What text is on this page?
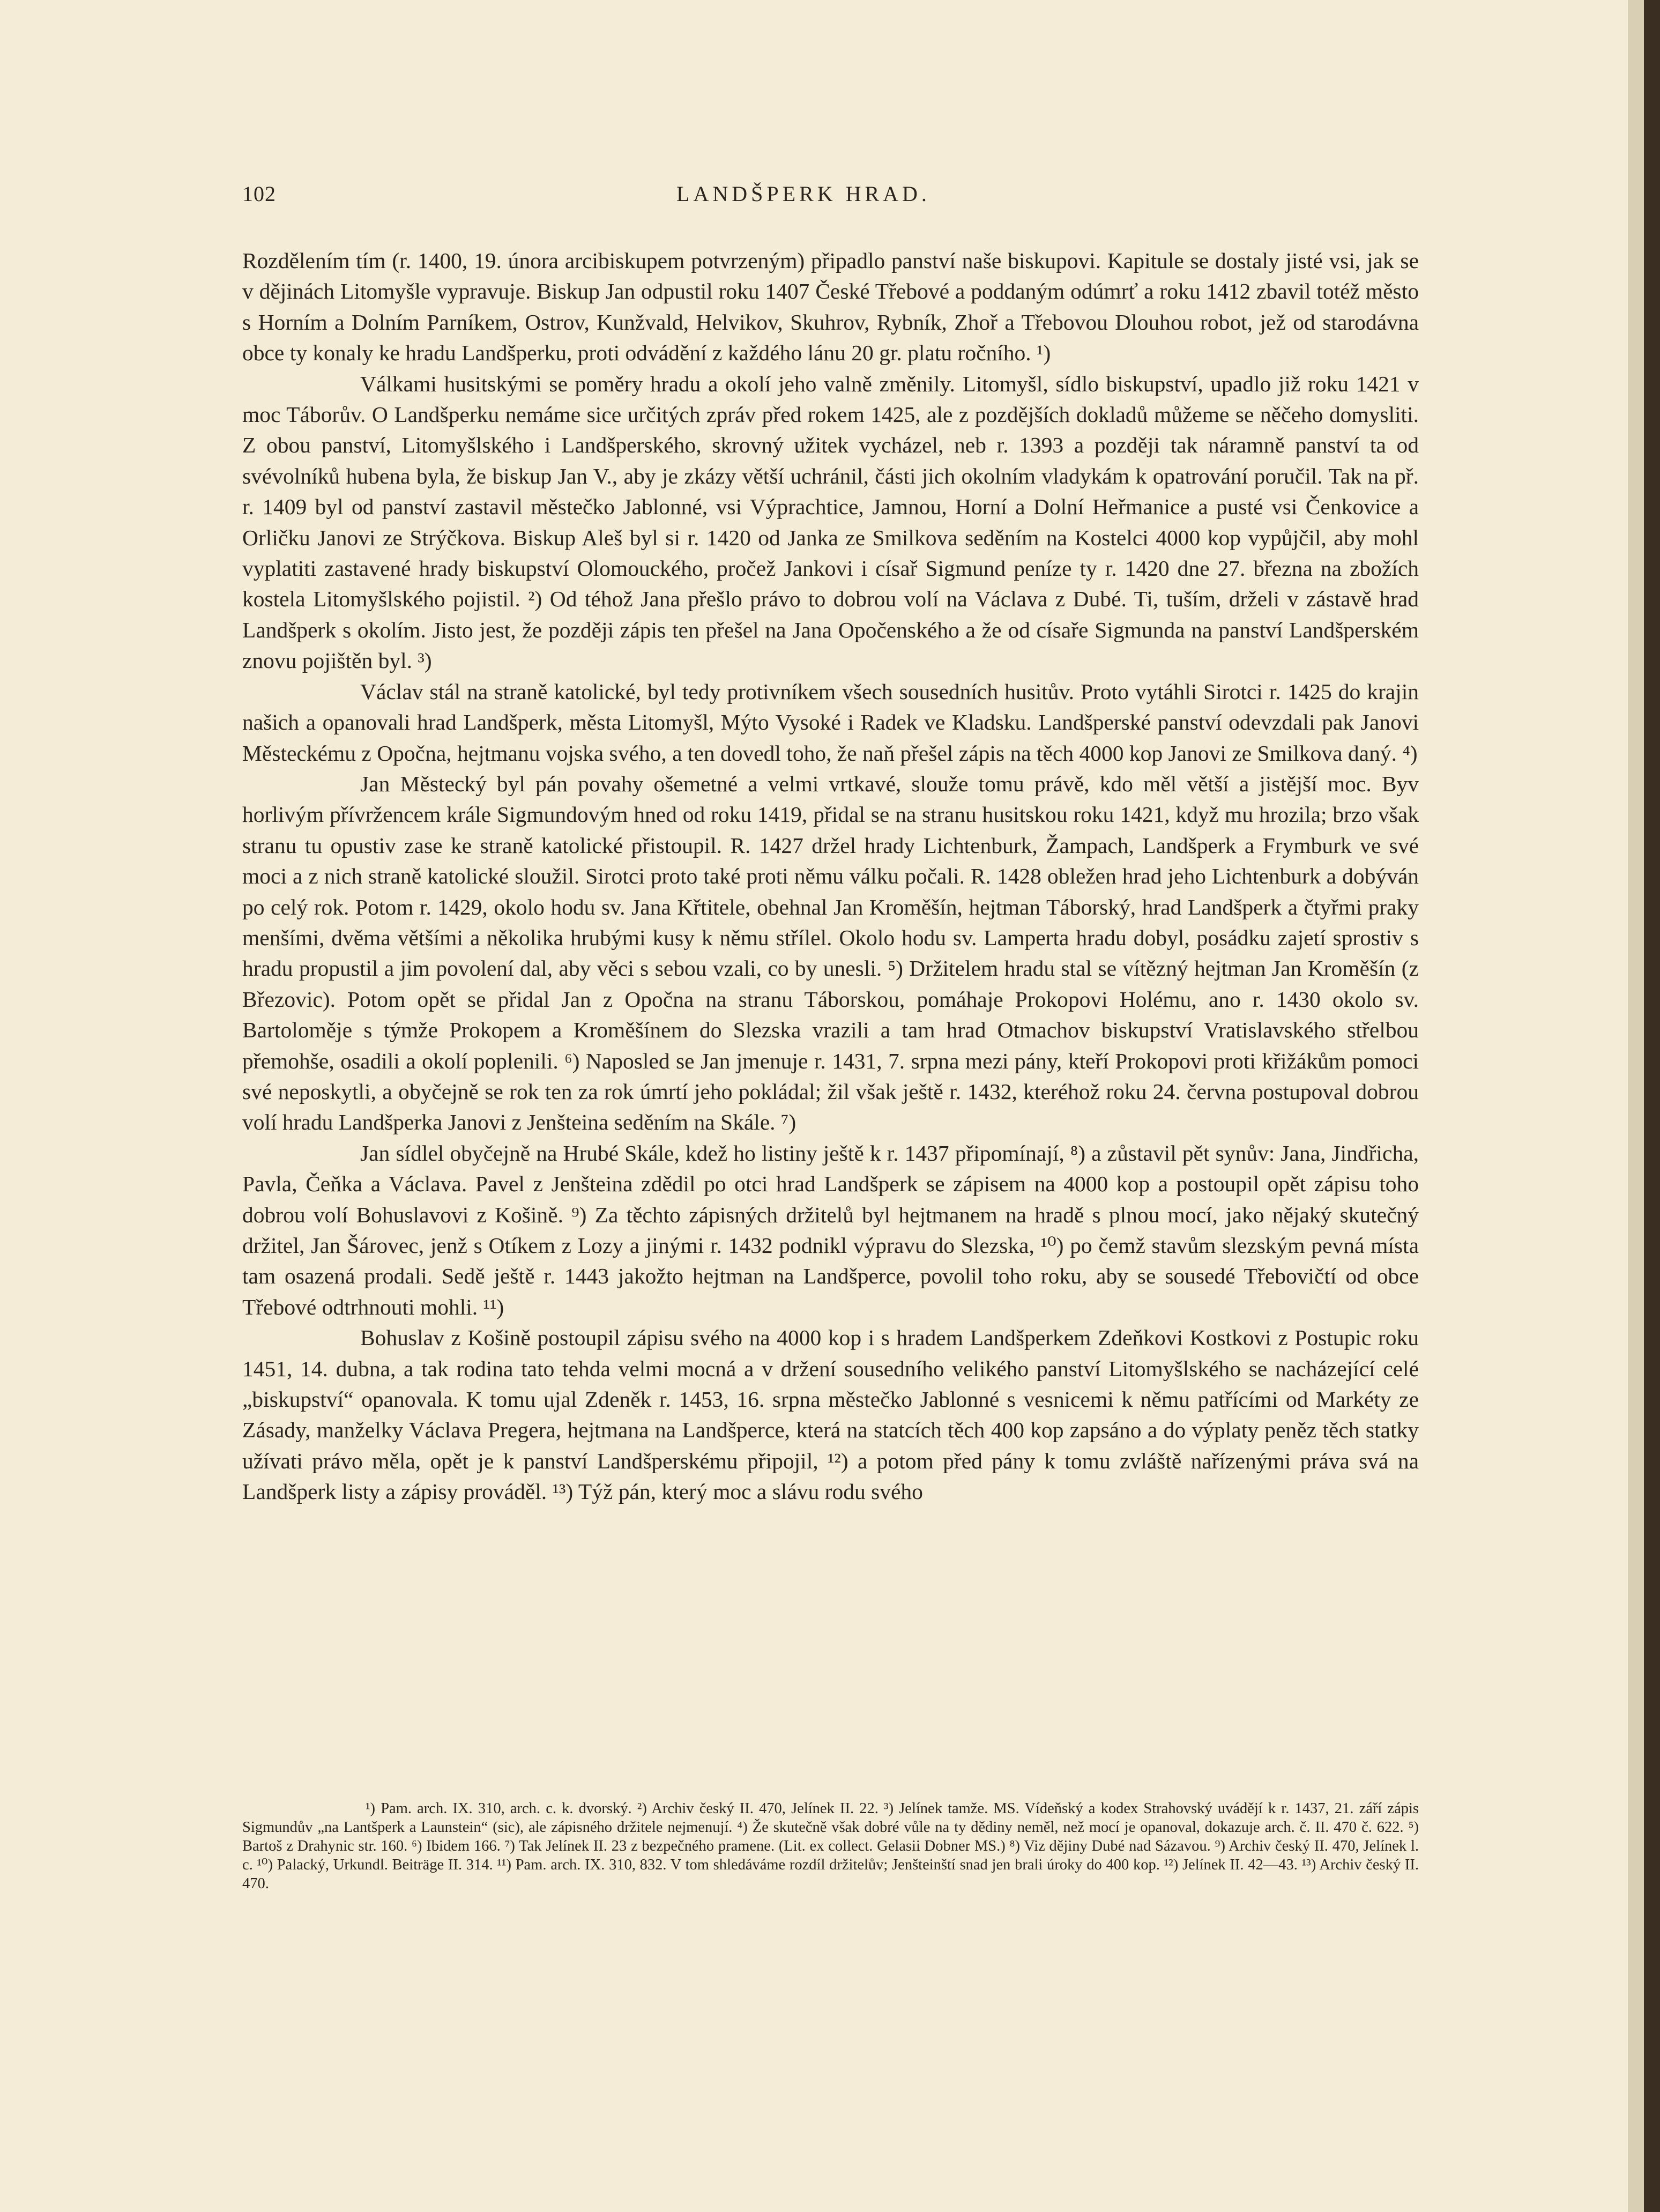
102	LANDŠPERK HRAD.

Rozdělením tím (r. 1400, 19. února arcibiskupem potvrzeným) připadlo panství naše biskupovi. Kapitule se dostaly jisté vsi, jak se v dějinách Litomyšle vypravuje. Biskup Jan odpustil roku 1407 České Třebové a poddaným odúmrť a roku 1412 zbavil totéž město s Horním a Dolním Parníkem, Ostrov, Kunžvald, Helvikov, Skuhrov, Rybník, Zhoř a Třebovou Dlouhou robot, jež od starodávna obce ty konaly ke hradu Landšperku, proti odvádění z každého lánu 20 gr. platu ročního. ¹)

Válkami husitskými se poměry hradu a okolí jeho valně změnily. Litomyšl, sídlo biskupství, upadlo již roku 1421 v moc Táborův. O Landšperku nemáme sice určitých zpráv před rokem 1425, ale z pozdějších dokladů můžeme se něčeho domysliti. Z obou panství, Litomyšlského i Landšperského, skrovný užitek vycházel, neb r. 1393 a později tak náramně panství ta od svévolníků hubena byla, že biskup Jan V., aby je zkázy větší uchránil, části jich okolním vladykám k opatrování poručil. Tak na př. r. 1409 byl od panství zastavil městečko Jablonné, vsi Výprachtice, Jamnou, Horní a Dolní Heřmanice a pusté vsi Čenkovice a Orličku Janovi ze Strýčkova. Biskup Aleš byl si r. 1420 od Janka ze Smilkova seděním na Kostelci 4000 kop vypůjčil, aby mohl vyplatiti zastavené hrady biskupství Olomouckého, pročež Jankovi i císař Sigmund peníze ty r. 1420 dne 27. března na zbožích kostela Litomyšlského pojistil. ²) Od téhož Jana přešlo právo to dobrou volí na Václava z Dubé. Ti, tuším, drželi v zástavě hrad Landšperk s okolím. Jisto jest, že později zápis ten přešel na Jana Opočenského a že od císaře Sigmunda na panství Landšperském znovu pojištěn byl. ³)

Václav stál na straně katolické, byl tedy protivníkem všech sousedních husitův. Proto vytáhli Sirotci r. 1425 do krajin našich a opanovali hrad Landšperk, města Litomyšl, Mýto Vysoké i Radek ve Kladsku. Landšperské panství odevzdali pak Janovi Městeckému z Opočna, hejtmanu vojska svého, a ten dovedl toho, že naň přešel zápis na těch 4000 kop Janovi ze Smilkova daný. ⁴)

Jan Městecký byl pán povahy ošemetné a velmi vrtkavé, slouže tomu právě, kdo měl větší a jistější moc. Byv horlivým přívržencem krále Sigmundovým hned od roku 1419, přidal se na stranu husitskou roku 1421, když mu hrozila; brzo však stranu tu opustiv zase ke straně katolické přistoupil. R. 1427 držel hrady Lichtenburk, Žampach, Landšperk a Frymburk ve své moci a z nich straně katolické sloužil. Sirotci proto také proti němu válku počali. R. 1428 obležen hrad jeho Lichtenburk a dobýván po celý rok. Potom r. 1429, okolo hodu sv. Jana Křtitele, obehnal Jan Kroměšín, hejtman Táborský, hrad Landšperk a čtyřmi praky menšími, dvěma většími a několika hrubými kusy k němu střílel. Okolo hodu sv. Lamperta hradu dobyl, posádku zajetí sprostiv s hradu propustil a jim povolení dal, aby věci s sebou vzali, co by unesli. ⁵) Držitelem hradu stal se vítězný hejtman Jan Kroměšín (z Březovic). Potom opět se přidal Jan z Opočna na stranu Táborskou, pomáhaje Prokopovi Holému, ano r. 1430 okolo sv. Bartoloměje s týmže Prokopem a Kroměšínem do Slezska vrazili a tam hrad Otmachov biskupství Vratislavského střelbou přemohše, osadili a okolí poplenili. ⁶) Naposled se Jan jmenuje r. 1431, 7. srpna mezi pány, kteří Prokopovi proti křižákům pomoci své neposkytli, a obyčejně se rok ten za rok úmrtí jeho pokládal; žil však ještě r. 1432, kteréhož roku 24. června postupoval dobrou volí hradu Landšperka Janovi z Jenšteina seděním na Skále. ⁷)

Jan sídlel obyčejně na Hrubé Skále, kdež ho listiny ještě k r. 1437 připomínají, ⁸) a zůstavil pět synův: Jana, Jindřicha, Pavla, Čeňka a Václava. Pavel z Jenšteina zdědil po otci hrad Landšperk se zápisem na 4000 kop a postoupil opět zápisu toho dobrou volí Bohuslavovi z Košině. ⁹) Za těchto zápisných držitelů byl hejtmanem na hradě s plnou mocí, jako nějaký skutečný držitel, Jan Šárovec, jenž s Otíkem z Lozy a jinými r. 1432 podnikl výpravu do Slezska, ¹⁰) po čemž stavům slezským pevná místa tam osazená prodali. Sedě ještě r. 1443 jakožto hejtman na Landšperce, povolil toho roku, aby se sousedé Třebovičtí od obce Třebové odtrhnouti mohli. ¹¹)

Bohuslav z Košině postoupil zápisu svého na 4000 kop i s hradem Landšperkem Zdeňkovi Kostkovi z Postupic roku 1451, 14. dubna, a tak rodina tato tehda velmi mocná a v držení sousedního velikého panství Litomyšlského se nacházející celé „biskupství“ opanovala. K tomu ujal Zdeněk r. 1453, 16. srpna městečko Jablonné s vesnicemi k němu patřícími od Markéty ze Zásady, manželky Václava Pregera, hejtmana na Landšperce, která na statcích těch 400 kop zapsáno a do výplaty peněz těch statky užívati právo měla, opět je k panství Landšperskému připojil, ¹²) a potom před pány k tomu zvláště nařízenými práva svá na Landšperk listy a zápisy prováděl. ¹³) Týž pán, který moc a slávu rodu svého

¹) Pam. arch. IX. 310, arch. c. k. dvorský. ²) Archiv český II. 470, Jelínek II. 22. ³) Jelínek tamže. MS. Vídeňský a kodex Strahovský uvádějí k r. 1437, 21. září zápis Sigmundův „na Lantšperk a Launstein“ (sic), ale zápisného držitele nejmenují. ⁴) Že skutečně však dobré vůle na ty dědiny neměl, než mocí je opanoval, dokazuje arch. č. II. 470 č. 622. ⁵) Bartoš z Drahynic str. 160. ⁶) Ibidem 166. ⁷) Tak Jelínek II. 23 z bezpečného pramene. (Lit. ex collect. Gelasii Dobner MS.) ⁸) Viz dějiny Dubé nad Sázavou. ⁹) Archiv český II. 470, Jelínek l. c. ¹⁰) Palacký, Urkundl. Beiträge II. 314. ¹¹) Pam. arch. IX. 310, 832. V tom shledáváme rozdíl držitelův; Jenšteinští snad jen brali úroky do 400 kop. ¹²) Jelínek II. 42—43. ¹³) Archiv český II. 470.
